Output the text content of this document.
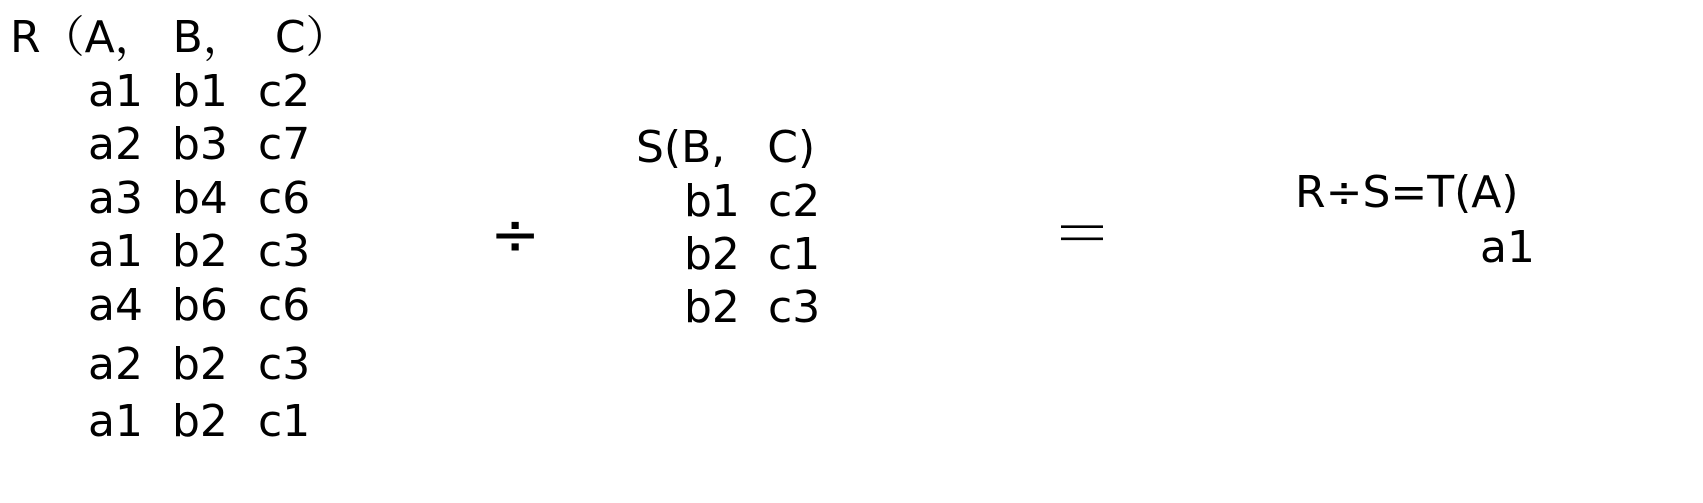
R（A， B，  C）
a1 b1 c2
a2 b3 c7
a3 b4 c6
a1 b2 c3
a4 b6 c6
a2 b2 c3
a1 b2 c1
÷
S(B,   C)
b1 c2
b2 c1
b2 c3
＝
R÷S=T(A)
a1
